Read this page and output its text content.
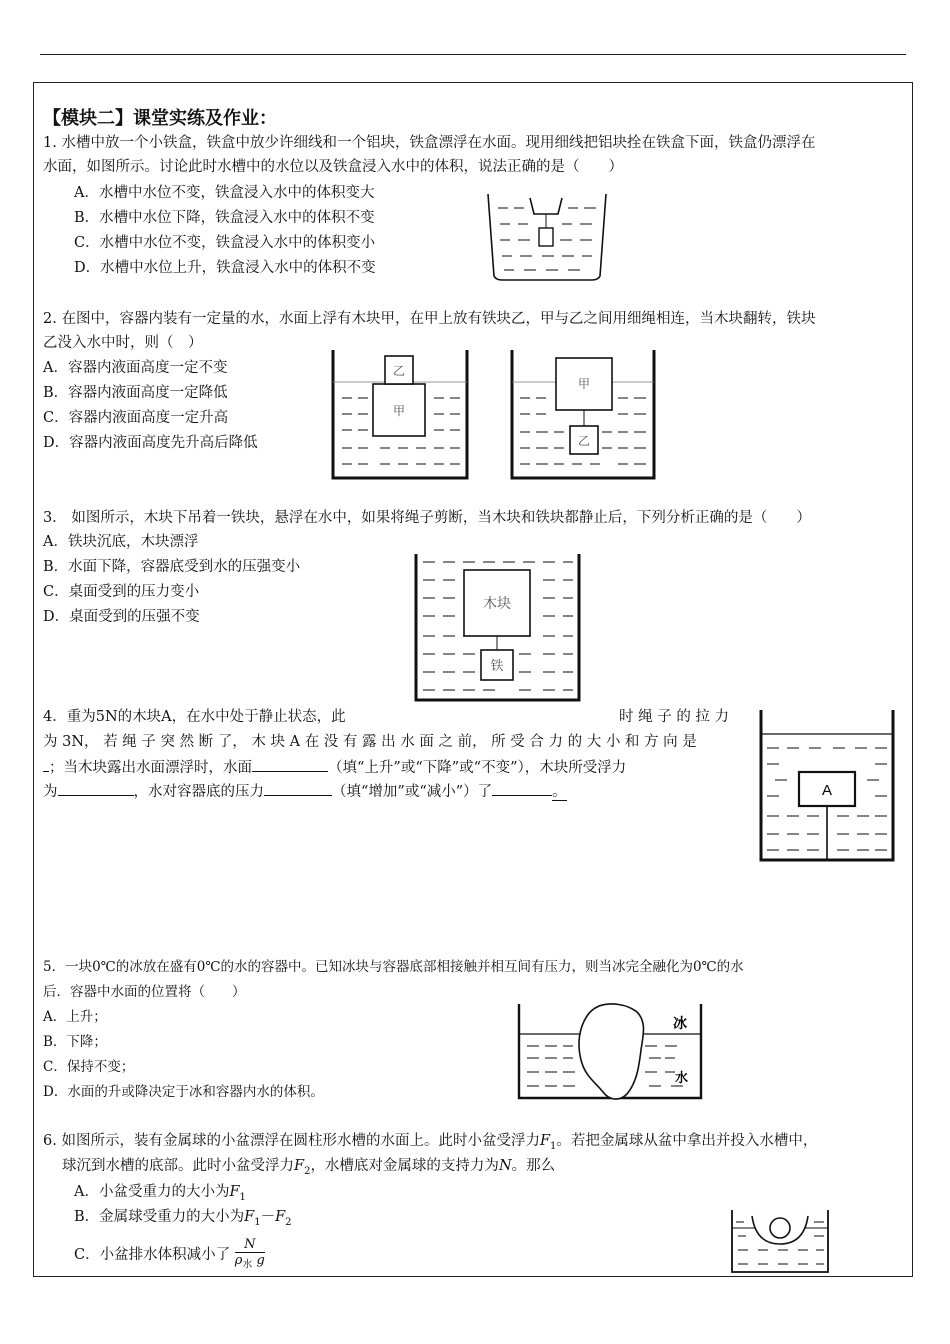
【模块二】课堂实练及作业：
1. 水槽中放一个小铁盒，铁盒中放少许细线和一个铝块，铁盒漂浮在水面。现用细线把铝块拴在铁盒下面，铁盒仍漂浮在
水面，如图所示。讨论此时水槽中的水位以及铁盒浸入水中的体积，说法正确的是（　　）
A．水槽中水位不变，铁盒浸入水中的体积变大
B．水槽中水位下降，铁盒浸入水中的体积不变
C．水槽中水位不变，铁盒浸入水中的体积变小
D．水槽中水位上升，铁盒浸入水中的体积不变
2. 在图中，容器内装有一定量的水，水面上浮有木块甲，在甲上放有铁块乙，甲与乙之间用细绳相连，当木块翻转，铁块
乙没入水中时，则（　）
A．容器内液面高度一定不变
B．容器内液面高度一定降低
C．容器内液面高度一定升高
D．容器内液面高度先升高后降低
甲
乙
甲
乙
3． 如图所示，木块下吊着一铁块，悬浮在水中，如果将绳子剪断，当木块和铁块都静止后，下列分析正确的是（　　）
A．铁块沉底，木块漂浮
B．水面下降，容器底受到水的压强变小
C．桌面受到的压力变小
D．桌面受到的压强不变
木块
铁
4．重为5N的木块A，在水中处于静止状态，此	时 绳 子 的 拉 力
为 3N， 若 绳 子 突 然 断 了， 木 块 A 在 没 有 露 出 水 面 之 前， 所 受 合 力 的 大 小 和 方 向 是
；当木块露出水面漂浮时，水面	（填“上升”或“下降”或“不变”），木块所受浮力
为	，水对容器底的压力	（填“增加”或“减小”）了	。	A
5．一块0℃的冰放在盛有0℃的水的容器中。已知冰块与容器底部相接触并相互间有压力，则当冰完全融化为0℃的水
后．容器中水面的位置将（　　）
A．上升；
B．下降；
C．保持不变；
D．水面的升或降决定于冰和容器内水的体积。
冰
水
6. 如图所示，装有金属球的小盆漂浮在圆柱形水槽的水面上。此时小盆受浮力$F_1$。若把金属球从盆中拿出并投入水槽中，
球沉到水槽的底部。此时小盆受浮力$F_2$，水槽底对金属球的支持力为N。那么
A．小盆受重力的大小为$F_1$
B．金属球受重力的大小为$F_1-F_2$
C．小盆排水体积减小了 $\frac{N}{\rho_水 g}$
